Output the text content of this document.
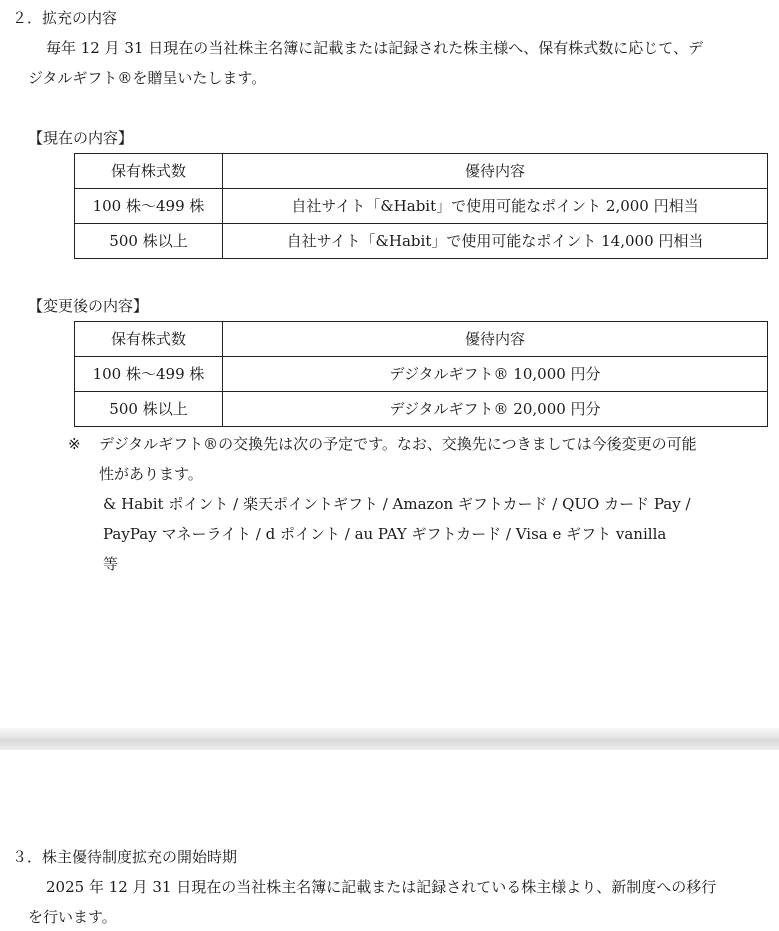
２．拡充の内容
毎年 12 月 31 日現在の当社株主名簿に記載または記録された株主様へ、保有株式数に応じて、デ
ジタルギフト®を贈呈いたします。
【現在の内容】
保有株式数	優待内容
100 株～499 株	自社サイト「&Habit」で使用可能なポイント 2,000 円相当
500 株以上	自社サイト「&Habit」で使用可能なポイント 14,000 円相当
【変更後の内容】
保有株式数	優待内容
100 株～499 株	デジタルギフト® 10,000 円分
500 株以上	デジタルギフト® 20,000 円分
※ デジタルギフト®の交換先は次の予定です。なお、交換先につきましては今後変更の可能
性があります。
& Habit ポイント / 楽天ポイントギフト / Amazon ギフトカード / QUO カード Pay / PayPay マネーライト / d ポイント / au PAY ギフトカード / Visa e ギフト vanilla
等
３．株主優待制度拡充の開始時期
2025 年 12 月 31 日現在の当社株主名簿に記載または記録されている株主様より、新制度への移行
を行います。
